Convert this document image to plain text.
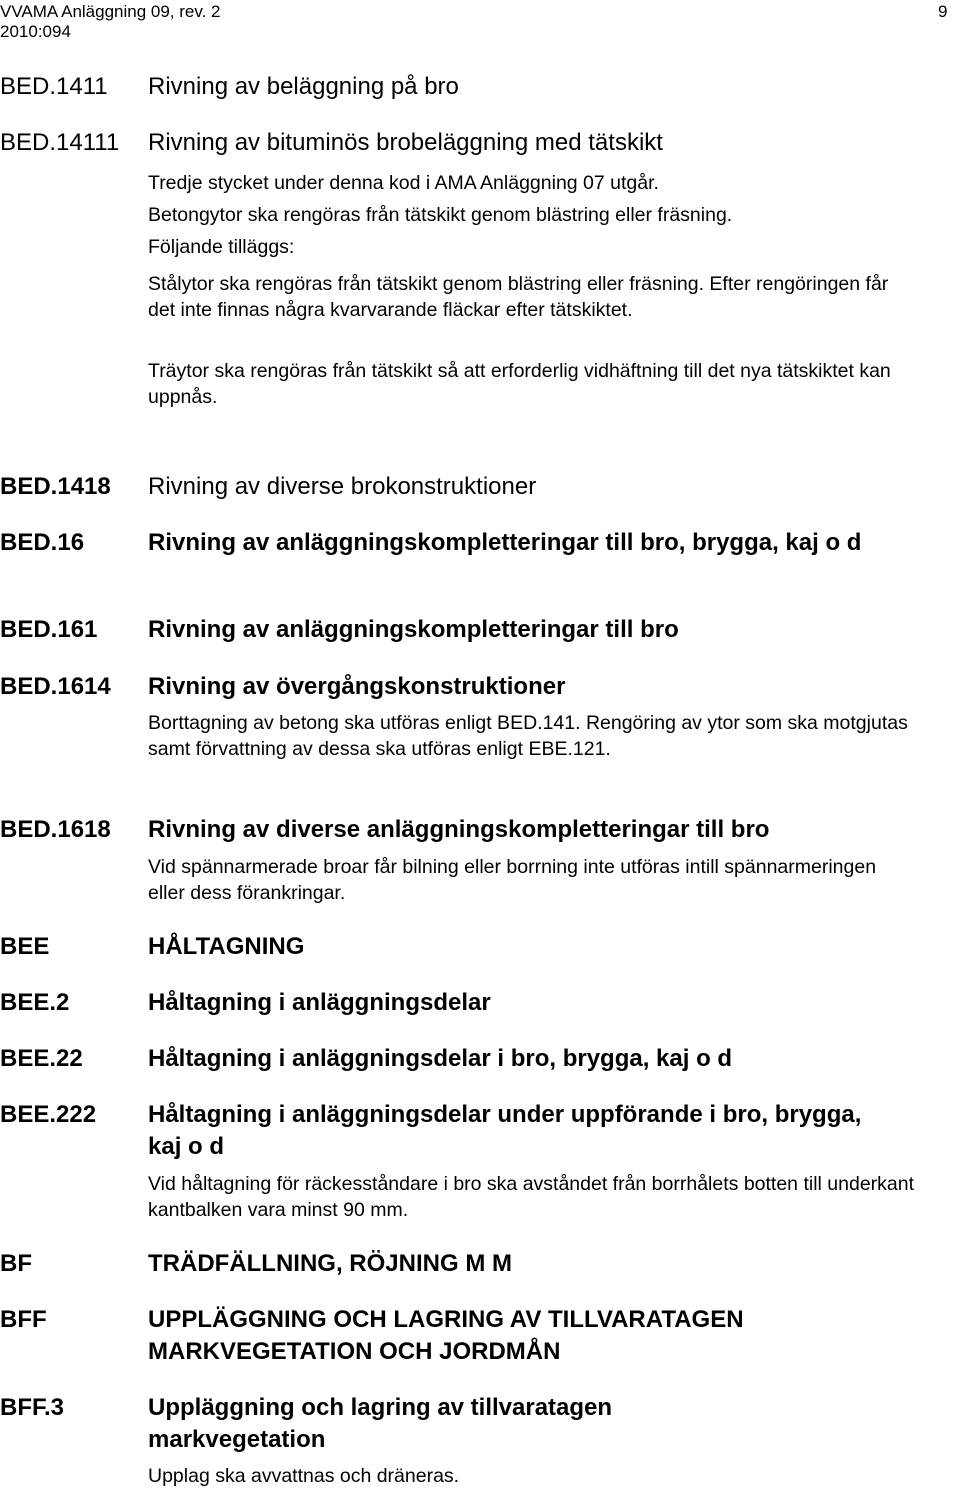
VVAMA Anläggning 09, rev. 2
2010:094
9
BED.1411 Rivning av beläggning på bro
BED.14111 Rivning av bituminös brobeläggning med tätskikt
Tredje stycket under denna kod i AMA Anläggning 07 utgår.
Betongytor ska rengöras från tätskikt genom blästring eller fräsning.
Följande tilläggs:
Stålytor ska rengöras från tätskikt genom blästring eller fräsning. Efter rengöringen får det inte finnas några kvarvarande fläckar efter tätskiktet.
Träytor ska rengöras från tätskikt så att erforderlig vidhäftning till det nya tätskiktet kan uppnås.
BED.1418 Rivning av diverse brokonstruktioner
BED.16	Rivning av anläggningskompletteringar till bro, brygga, kaj o d
BED.161 Rivning av anläggningskompletteringar till bro
BED.1614 Rivning av övergångskonstruktioner
Borttagning av betong ska utföras enligt BED.141. Rengöring av ytor som ska motgjutas samt förvattning av dessa ska utföras enligt EBE.121.
BED.1618 Rivning av diverse anläggningskompletteringar till bro
Vid spännarmerade broar får bilning eller borrning inte utföras intill spännarmeringen eller dess förankringar.
BEE	HÅLTAGNING
BEE.2	Håltagning i anläggningsdelar
BEE.22	Håltagning i anläggningsdelar i bro, brygga, kaj o d
BEE.222 Håltagning i anläggningsdelar under uppförande i bro, brygga, kaj o d
Vid håltagning för räckesståndare i bro ska avståndet från borrhålets botten till underkant kantbalken vara minst 90 mm.
BF	TRÄDFÄLLNING, RÖJNING M M
BFF	UPPLÄGGNING OCH LAGRING AV TILLVARATAGEN MARKVEGETATION OCH JORDMÅN
BFF.3	Uppläggning och lagring av tillvaratagen markvegetation
Upplag ska avvattnas och dräneras.
